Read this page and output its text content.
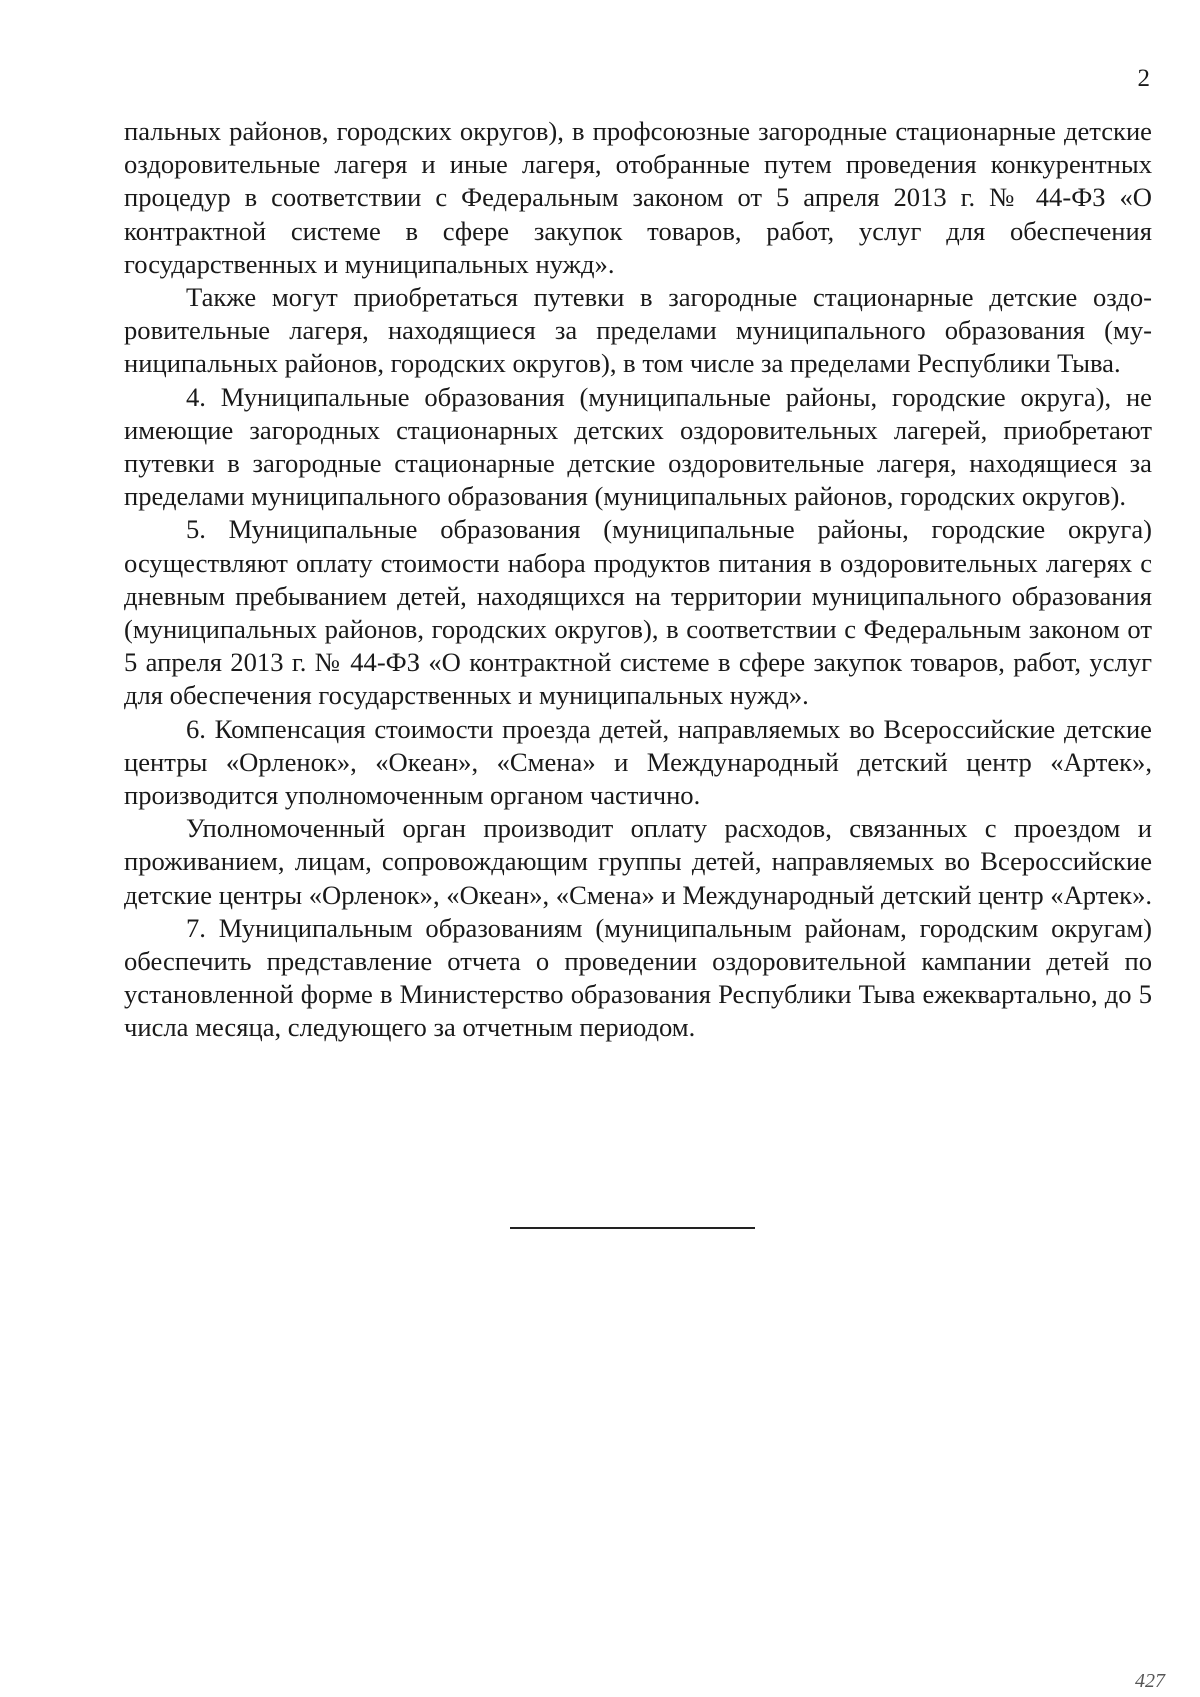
2

пальных районов, городских округов), в профсоюзные загородные стационарные детские оздоровительные лагеря и иные лагеря, отобранные путем проведения конкурентных процедур в соответствии с Федеральным законом от 5 апреля 2013 г. № 44-ФЗ «О контрактной системе в сфере закупок товаров, работ, услуг для обеспечения государственных и муниципальных нужд».

Также могут приобретаться путевки в загородные стационарные детские оздоровительные лагеря, находящиеся за пределами муниципального образования (муниципальных районов, городских округов), в том числе за пределами Республики Тыва.

4. Муниципальные образования (муниципальные районы, городские округа), не имеющие загородных стационарных детских оздоровительных лагерей, приобретают путевки в загородные стационарные детские оздоровительные лагеря, находящиеся за пределами муниципального образования (муниципальных районов, городских округов).

5. Муниципальные образования (муниципальные районы, городские округа) осуществляют оплату стоимости набора продуктов питания в оздоровительных лагерях с дневным пребыванием детей, находящихся на территории муниципального образования (муниципальных районов, городских округов), в соответствии с Федеральным законом от 5 апреля 2013 г. № 44-ФЗ «О контрактной системе в сфере закупок товаров, работ, услуг для обеспечения государственных и муниципальных нужд».

6. Компенсация стоимости проезда детей, направляемых во Всероссийские детские центры «Орленок», «Океан», «Смена» и Международный детский центр «Артек», производится уполномоченным органом частично.

Уполномоченный орган производит оплату расходов, связанных с проездом и проживанием, лицам, сопровождающим группы детей, направляемых во Всероссийские детские центры «Орленок», «Океан», «Смена» и Международный детский центр «Артек».

7. Муниципальным образованиям (муниципальным районам, городским округам) обеспечить представление отчета о проведении оздоровительной кампании детей по установленной форме в Министерство образования Республики Тыва ежеквартально, до 5 числа месяца, следующего за отчетным периодом.

427
